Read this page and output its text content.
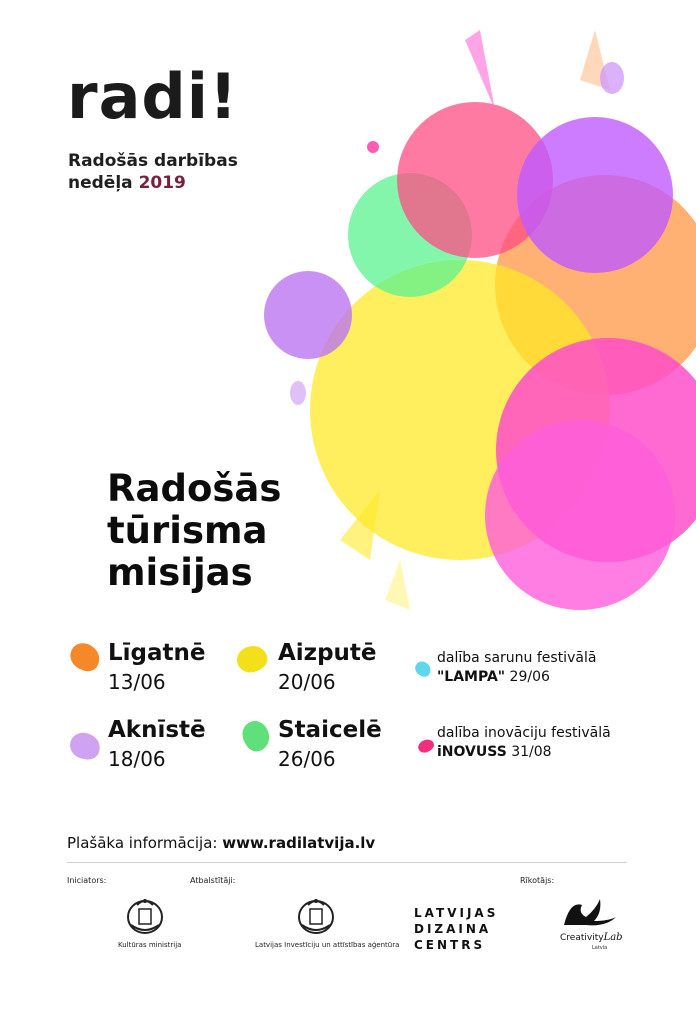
radi!
Radošās darbības
nedēļa 2019
Radošās
tūrisma
misijas
Līgatnē
13/06
Aizputē
20/06
Aknīstē
18/06
Staicelē
26/06
dalība sarunu festivālā
"LAMPA" 29/06
dalība inovāciju festivālā
iNOVUSS 31/08
Plašāka informācija: www.radilatvija.lv
Iniciators:	Atbalstītāji:	Rīkotājs:
Kultūras ministrija	Latvijas Investīciju un attīstības aģentūra
LATVIJAS
DIZAINA
CENTRS	CreativityLab
Latvia
